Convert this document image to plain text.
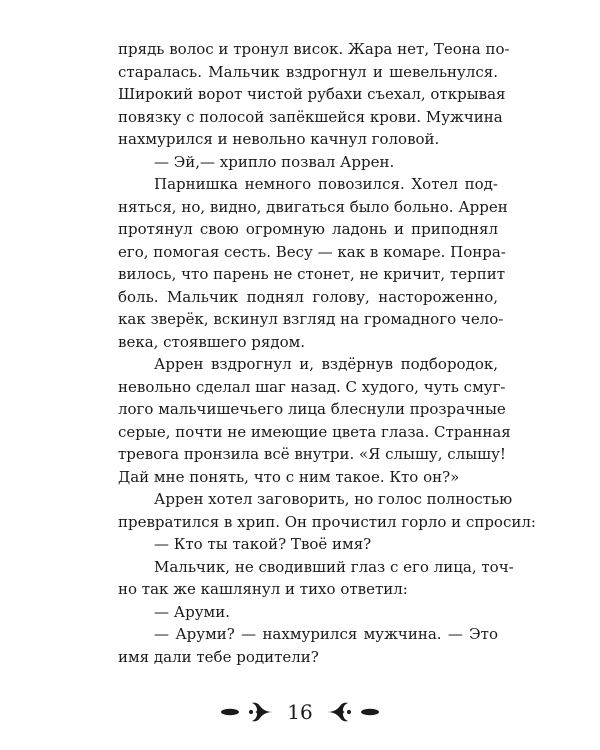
прядь волос и тронул висок. Жара нет, Теона по-
старалась. Мальчик вздрогнул и шевельнулся.
Широкий ворот чистой рубахи съехал, открывая
повязку с полосой запёкшейся крови. Мужчина
нахмурился и невольно качнул головой.
— Эй,— хрипло позвал Аррен.
Парнишка немного повозился. Хотел под-
няться, но, видно, двигаться было больно. Аррен
протянул свою огромную ладонь и приподнял
его, помогая сесть. Весу — как в комаре. Понра-
вилось, что парень не стонет, не кричит, терпит
боль. Мальчик поднял голову, настороженно,
как зверёк, вскинул взгляд на громадного чело-
века, стоявшего рядом.
Аррен вздрогнул и, вздёрнув подбородок,
невольно сделал шаг назад. С худого, чуть смуг-
лого мальчишечьего лица блеснули прозрачные
серые, почти не имеющие цвета глаза. Странная
тревога пронзила всё внутри. «Я слышу, слышу!
Дай мне понять, что с ним такое. Кто он?»
Аррен хотел заговорить, но голос полностью
превратился в хрип. Он прочистил горло и спросил:
— Кто ты такой? Твоё имя?
Мальчик, не сводивший глаз с его лица, точ-
но так же кашлянул и тихо ответил:
— Аруми.
— Аруми? — нахмурился мужчина. — Это
имя дали тебе родители?
16
